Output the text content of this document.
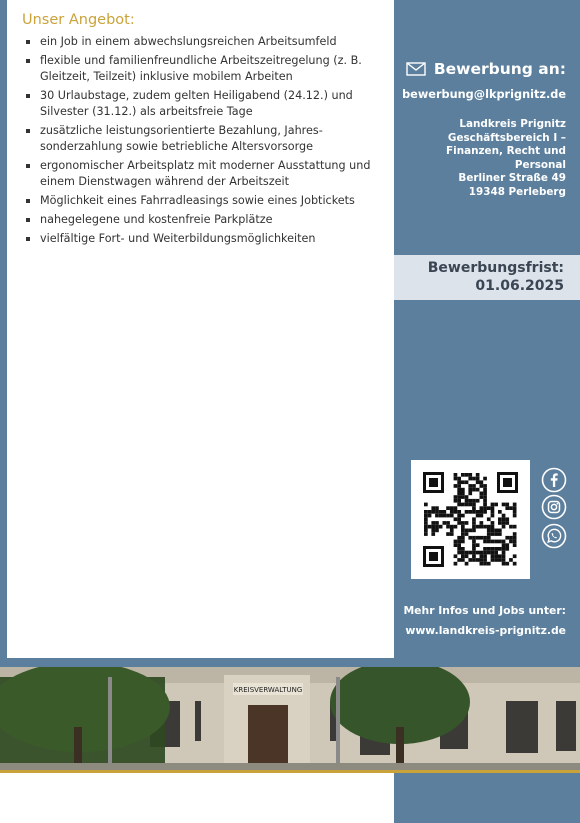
Unser Angebot:
ein Job in einem abwechslungsreichen Arbeitsumfeld
flexible und familienfreundliche Arbeitszeitregelung (z. B. Gleitzeit, Teilzeit) inklusive mobilem Arbeiten
30 Urlaubstage, zudem gelten Heiligabend (24.12.) und Silvester (31.12.) als arbeitsfreie Tage
zusätzliche leistungsorientierte Bezahlung, Jahressonderzahlung sowie betriebliche Altersvorsorge
ergonomischer Arbeitsplatz mit moderner Ausstattung und einem Dienstwagen während der Arbeitszeit
Möglichkeit eines Fahrradleasings sowie eines Jobtickets
nahegelegene und kostenfreie Parkplätze
vielfältige Fort- und Weiterbildungsmöglichkeiten
Bewerbung an:
bewerbung@lkprignitz.de
Landkreis Prignitz
Geschäftsbereich I –
Finanzen, Recht und
Personal
Berliner Straße 49
19348 Perleberg

Bewerbungsfrist:

01.06.2025

Mehr Infos und Jobs unter:
www.landkreis-prignitz.de
KREISVERWALTUNG
